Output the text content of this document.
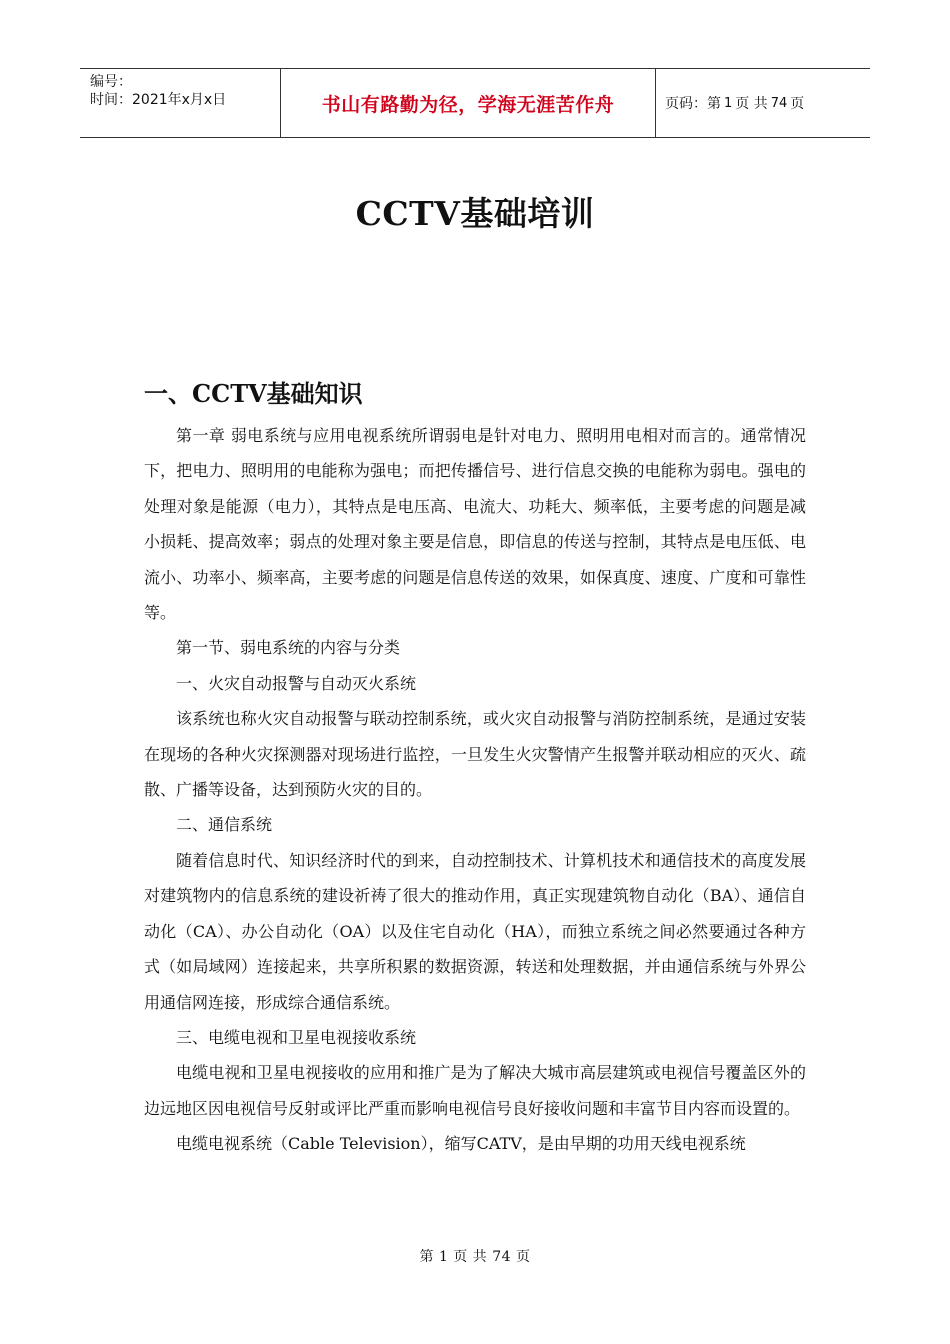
编号：
时间：2021年x月x日	书山有路勤为径，学海无涯苦作舟	页码：第 1 页 共 74 页
CCTV基础培训
一、CCTV基础知识

第一章 弱电系统与应用电视系统所谓弱电是针对电力、照明用电相对而言的。通常情况下，把电力、照明用的电能称为强电；而把传播信号、进行信息交换的电能称为弱电。强电的处理对象是能源（电力），其特点是电压高、电流大、功耗大、频率低，主要考虑的问题是减小损耗、提高效率；弱点的处理对象主要是信息，即信息的传送与控制，其特点是电压低、电流小、功率小、频率高，主要考虑的问题是信息传送的效果，如保真度、速度、广度和可靠性等。

第一节、弱电系统的内容与分类

一、火灾自动报警与自动灭火系统

该系统也称火灾自动报警与联动控制系统，或火灾自动报警与消防控制系统，是通过安装在现场的各种火灾探测器对现场进行监控，一旦发生火灾警情产生报警并联动相应的灭火、疏散、广播等设备，达到预防火灾的目的。

二、通信系统

随着信息时代、知识经济时代的到来，自动控制技术、计算机技术和通信技术的高度发展对建筑物内的信息系统的建设祈祷了很大的推动作用，真正实现建筑物自动化（BA）、通信自动化（CA）、办公自动化（OA）以及住宅自动化（HA），而独立系统之间必然要通过各种方式（如局域网）连接起来，共享所积累的数据资源，转送和处理数据，并由通信系统与外界公用通信网连接，形成综合通信系统。

三、电缆电视和卫星电视接收系统

电缆电视和卫星电视接收的应用和推广是为了解决大城市高层建筑或电视信号覆盖区外的边远地区因电视信号反射或评比严重而影响电视信号良好接收问题和丰富节目内容而设置的。

电缆电视系统（Cable Television），缩写CATV，是由早期的功用天线电视系统

第 1 页 共 74 页
